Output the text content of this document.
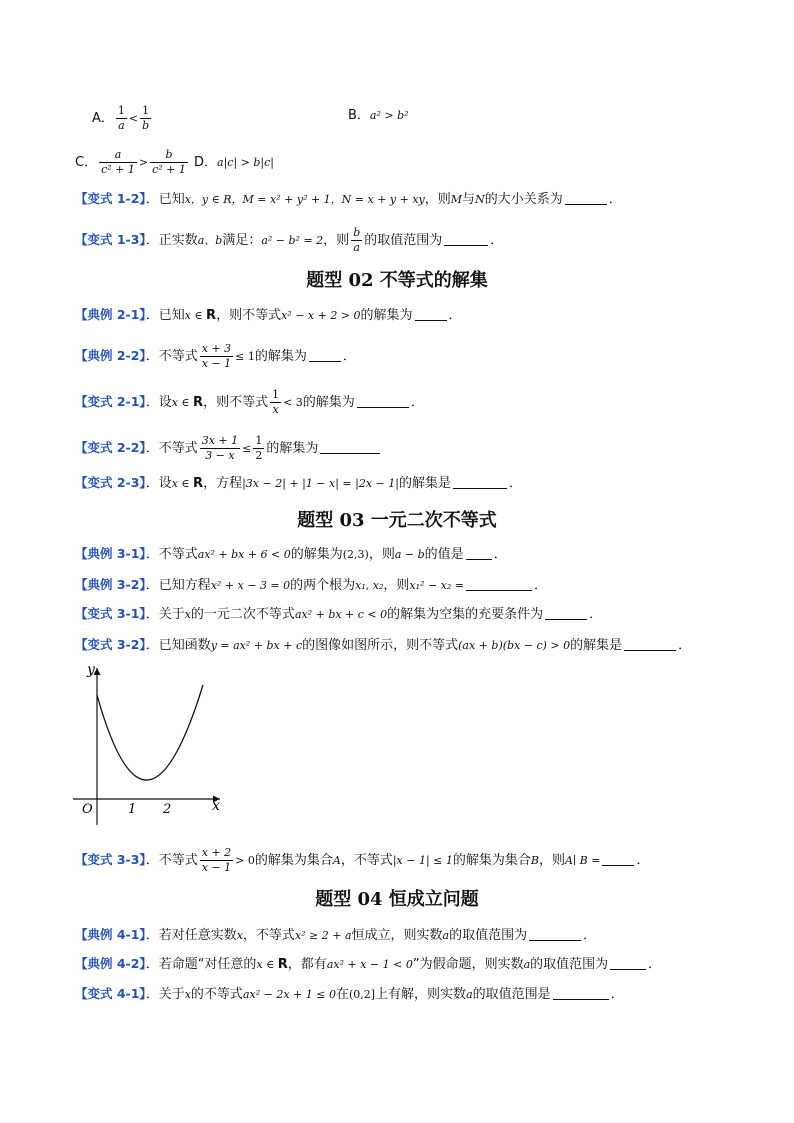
A． $\frac{1}{a} < \frac{1}{b}$	B．a² > b²
C． $\frac{a}{\text{c² + 1}} > \frac{b}{\text{c² + 1}}$ D．a|c| > b|c|
【变式 1-2】．已知x，y ∈ R，M = x² + y² + 1，N = x + y + xy，则M与N的大小关系为	．
【变式 1-3】．正实数a、b满足：a² − b² = 2，则 $\frac{b}{a}$ 的取值范围为	．
题型 02 不等式的解集
【典例 2-1】．已知x ∈ R，则不等式x² − x + 2 > 0的解集为	．
【典例 2-2】．不等式 $\frac{x + 3}{x - 1} \le 1$的解集为	．
【变式 2-1】．设x ∈ R，则不等式 $\frac{1}{x} < 3$的解集为	．
【变式 2-2】．不等式 $\frac{3x + 1}{3 - x} \le \frac{1}{2}$ 的解集为
【变式 2-3】．设x ∈ R，方程|3x − 2| + |1 − x| = |2x − 1|的解集是	．
题型 03 一元二次不等式
【典例 3-1】．不等式ax² + bx + 6 < 0的解集为(2,3)，则a − b的值是 ．
【典例 3-2】．已知方程x² + x − 3 = 0的两个根为x₁, x₂，则x₁² − x₂ =	．
【变式 3-1】．关于x的一元二次不等式ax² + bx + c < 0的解集为空集的充要条件为	．
【变式 3-2】．已知函数y = ax² + bx + c的图像如图所示，则不等式(ax + b)(bx − c) > 0的解集是	．
y
x
O	1 2
【变式 3-3】．不等式 $\frac{x + 2}{x - 1} > 0$的解集为集合A，不等式|x − 1| ≤ 1的解集为集合B，则A∣ B =	．
题型 04 恒成立问题
【典例 4-1】．若对任意实数x，不等式x² ≥ 2 + a恒成立，则实数a的取值范围为	．
【典例 4-2】．若命题“对任意的x ∈ R，都有ax² + x − 1 < 0”为假命题，则实数a的取值范围为	．
【变式 4-1】．关于x的不等式ax² − 2x + 1 ≤ 0在(0,2]上有解，则实数a的取值范围是	．
